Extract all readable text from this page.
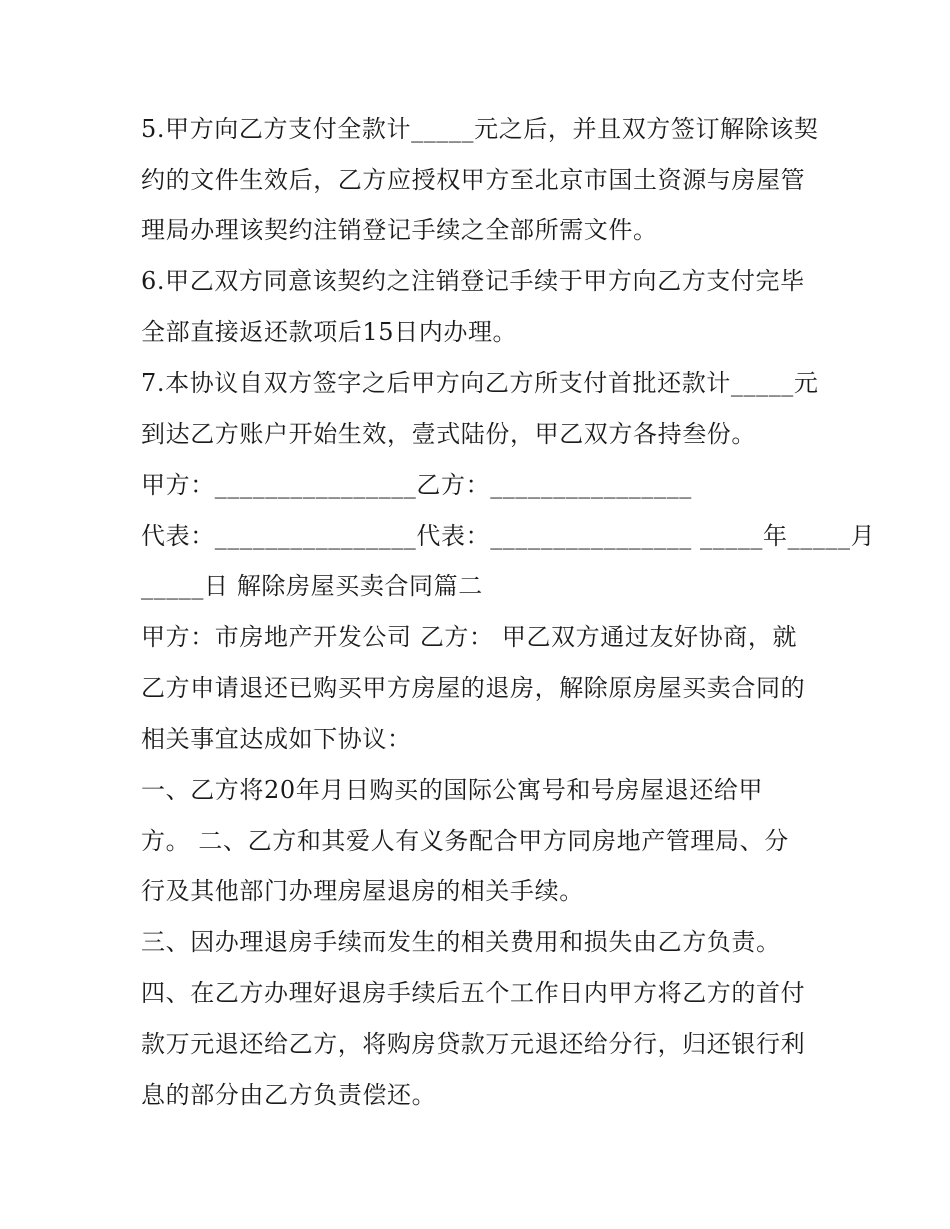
5.甲方向乙方支付全款计_____元之后，并且双方签订解除该契
约的文件生效后，乙方应授权甲方至北京市国土资源与房屋管
理局办理该契约注销登记手续之全部所需文件。
6.甲乙双方同意该契约之注销登记手续于甲方向乙方支付完毕
全部直接返还款项后15日内办理。
7.本协议自双方签字之后甲方向乙方所支付首批还款计_____元
到达乙方账户开始生效，壹式陆份，甲乙双方各持叁份。
甲方：________________乙方：________________
代表：________________代表：________________ _____年_____月
_____日 解除房屋买卖合同篇二
甲方：市房地产开发公司 乙方： 甲乙双方通过友好协商，就
乙方申请退还已购买甲方房屋的退房，解除原房屋买卖合同的
相关事宜达成如下协议：
一、乙方将20年月日购买的国际公寓号和号房屋退还给甲
方。 二、乙方和其爱人有义务配合甲方同房地产管理局、分
行及其他部门办理房屋退房的相关手续。
三、因办理退房手续而发生的相关费用和损失由乙方负责。
四、在乙方办理好退房手续后五个工作日内甲方将乙方的首付
款万元退还给乙方，将购房贷款万元退还给分行，归还银行利
息的部分由乙方负责偿还。
